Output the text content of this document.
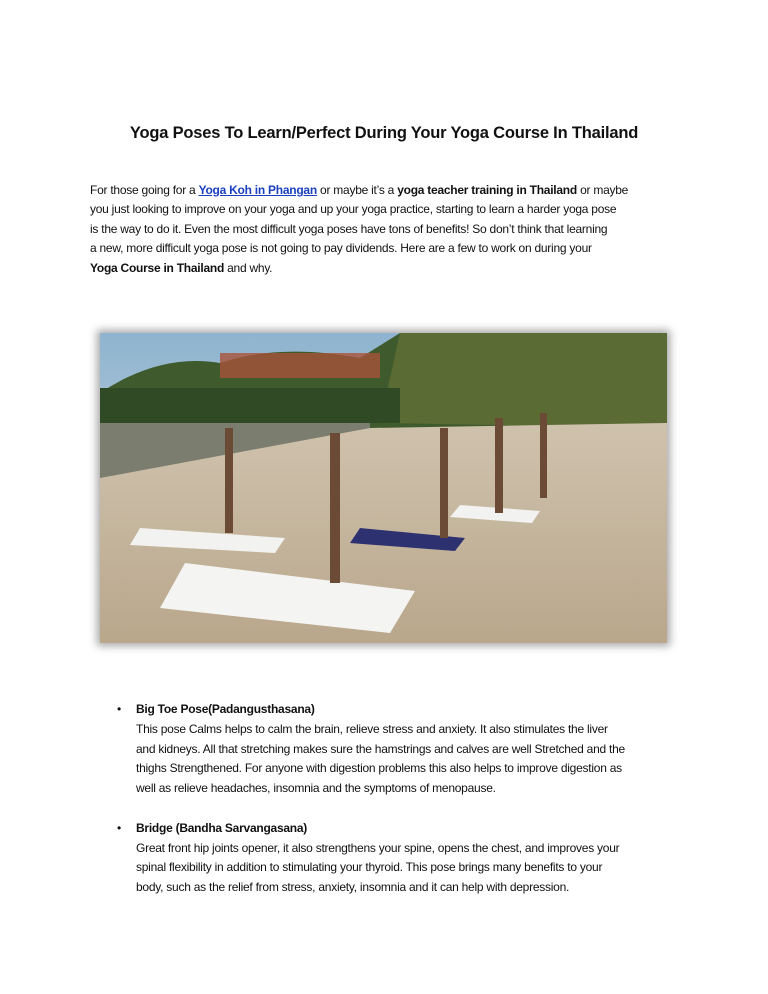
Yoga Poses To Learn/Perfect During Your Yoga Course In Thailand
For those going for a Yoga Koh in Phangan or maybe it’s a yoga teacher training in Thailand or maybe
you just looking to improve on your yoga and up your yoga practice, starting to learn a harder yoga pose
is the way to do it. Even the most difficult yoga poses have tons of benefits! So don’t think that learning
a new, more difficult yoga pose is not going to pay dividends. Here are a few to work on during your
Yoga Course in Thailand and why.
• Big Toe Pose(Padangusthasana)
This pose Calms helps to calm the brain, relieve stress and anxiety. It also stimulates the liver
and kidneys. All that stretching makes sure the hamstrings and calves are well Stretched and the
thighs Strengthened. For anyone with digestion problems this also helps to improve digestion as
well as relieve headaches, insomnia and the symptoms of menopause.
• Bridge (Bandha Sarvangasana)
Great front hip joints opener, it also strengthens your spine, opens the chest, and improves your
spinal flexibility in addition to stimulating your thyroid. This pose brings many benefits to your
body, such as the relief from stress, anxiety, insomnia and it can help with depression.
